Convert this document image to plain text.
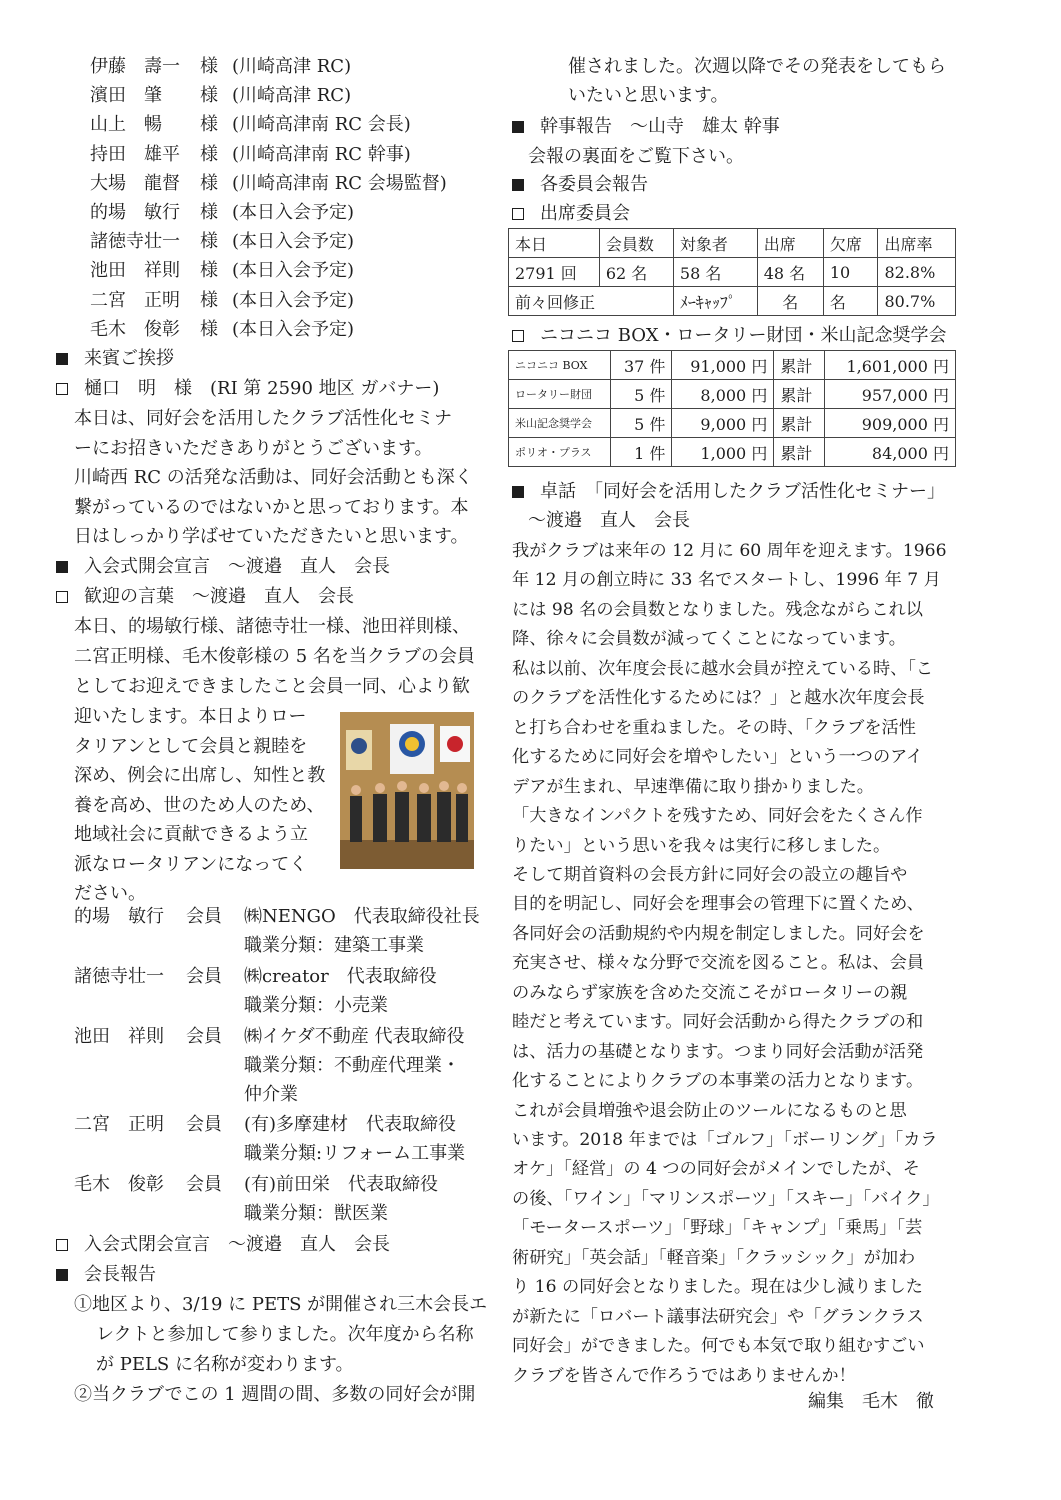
伊藤　壽一 様 (川崎高津 RC)
濱田　肇 様 (川崎高津 RC)
山上　暢 様 (川崎高津南 RC 会長)
持田　雄平 様 (川崎高津南 RC 幹事)
大場　龍督 様 (川崎高津南 RC 会場監督)
的場　敏行 様 (本日入会予定)
諸徳寺壮一 様 (本日入会予定)
池田　祥則 様 (本日入会予定)
二宮　正明 様 (本日入会予定)
毛木　俊彰 様 (本日入会予定)
来賓ご挨拶
樋口　明　様　(RI 第 2590 地区 ガバナー)
本日は、同好会を活用したクラブ活性化セミナ
ーにお招きいただきありがとうございます。
川崎西 RC の活発な活動は、同好会活動とも深く
繋がっているのではないかと思っております。本
日はしっかり学ばせていただきたいと思います。
入会式開会宣言　～渡邉　直人　会長
歓迎の言葉　～渡邉　直人　会長
本日、的場敏行様、諸徳寺壮一様、池田祥則様、
二宮正明様、毛木俊彰様の 5 名を当クラブの会員
としてお迎えできましたこと会員一同、心より歓
迎いたします。本日よりロー
タリアンとして会員と親睦を
深め、例会に出席し、知性と教
養を高め、世のため人のため、
地域社会に貢献できるよう立
派なロータリアンになってく
ださい。
的場　敏行 会員 ㈱NENGO　代表取締役社長
職業分類：建築工事業
諸徳寺壮一 会員 ㈱creator　代表取締役
職業分類：小売業
池田　祥則 会員 ㈱イケダ不動産 代表取締役
職業分類：不動産代理業・
仲介業
二宮　正明 会員 (有)多摩建材　代表取締役
職業分類:リフォーム工事業
毛木　俊彰 会員 (有)前田栄　代表取締役
職業分類：獣医業
入会式閉会宣言　～渡邉　直人　会長
会長報告
①地区より、3/19 に PETS が開催され三木会長エ
レクトと参加して参りました。次年度から名称
が PELS に名称が変わります。
②当クラブでこの 1 週間の間、多数の同好会が開
催されました。次週以降でその発表をしてもら
いたいと思います。
幹事報告　～山寺　雄太 幹事
会報の裏面をご覧下さい。
各委員会報告
出席委員会
本日	会員数	対象者	出席	欠席	出席率
2791 回	62 名	58 名	48 名	10	82.8%
前々回修正		ﾒｰｷｬｯﾌﾟ	名	名	80.7%
ニコニコ BOX・ロータリー財団・米山記念奨学会
ニコニコ BOX	37 件	91,000 円	累計	1,601,000 円
ロータリー財団	5 件	8,000 円	累計	957,000 円
米山記念奨学会	5 件	9,000 円	累計	909,000 円
ポリオ・プラス	1 件	1,000 円	累計	84,000 円
卓話　「同好会を活用したクラブ活性化セミナー」
～渡邉　直人　会長
我がクラブは来年の 12 月に 60 周年を迎えます。1966
年 12 月の創立時に 33 名でスタートし、1996 年 7 月
には 98 名の会員数となりました。残念ながらこれ以
降、徐々に会員数が減ってくことになっています。
私は以前、次年度会長に越水会員が控えている時、「こ
のクラブを活性化するためには？」と越水次年度会長
と打ち合わせを重ねました。その時、「クラブを活性
化するために同好会を増やしたい」という一つのアイ
デアが生まれ、早速準備に取り掛かりました。
「大きなインパクトを残すため、同好会をたくさん作
りたい」という思いを我々は実行に移しました。
そして期首資料の会長方針に同好会の設立の趣旨や
目的を明記し、同好会を理事会の管理下に置くため、
各同好会の活動規約や内規を制定しました。同好会を
充実させ、様々な分野で交流を図ること。私は、会員
のみならず家族を含めた交流こそがロータリーの親
睦だと考えています。同好会活動から得たクラブの和
は、活力の基礎となります。つまり同好会活動が活発
化することによりクラブの本事業の活力となります。
これが会員増強や退会防止のツールになるものと思
います。2018 年までは「ゴルフ」「ボーリング」「カラ
オケ」「経営」の 4 つの同好会がメインでしたが、そ
の後、「ワイン」「マリンスポーツ」「スキー」「バイク」
「モータースポーツ」「野球」「キャンプ」「乗馬」「芸
術研究」「英会話」「軽音楽」「クラッシック」が加わ
り 16 の同好会となりました。現在は少し減りました
が新たに「ロバート議事法研究会」や「グランクラス
同好会」ができました。何でも本気で取り組むすごい
クラブを皆さんで作ろうではありませんか！
編集　毛木　徹
